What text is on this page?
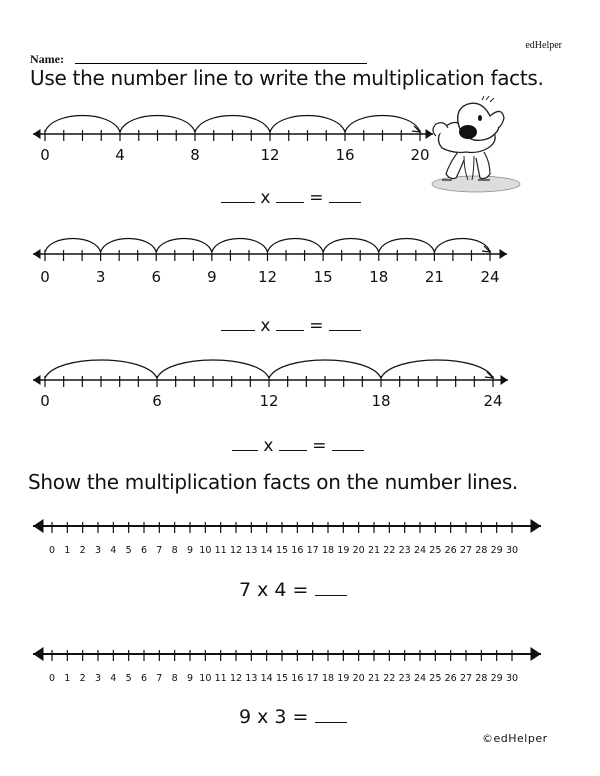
edHelper
Name:
Use the number line to write the multiplication facts.
0	4	8	12	16	20
x =
0	3	6	9	12 15 18 21 24
x =
0	6	12	18	24
x =
Show the multiplication facts on the number lines.
0 1 2 3 4 5 6 7 8 9 10 11 12 13 14 15 16 17 18 19 20 21 22 23 24 25 26 27 28 29 30
7 x 4 =
0 1 2 3 4 5 6 7 8 9 10 11 12 13 14 15 16 17 18 19 20 21 22 23 24 25 26 27 28 29 30
9 x 3 =
©edHelper
